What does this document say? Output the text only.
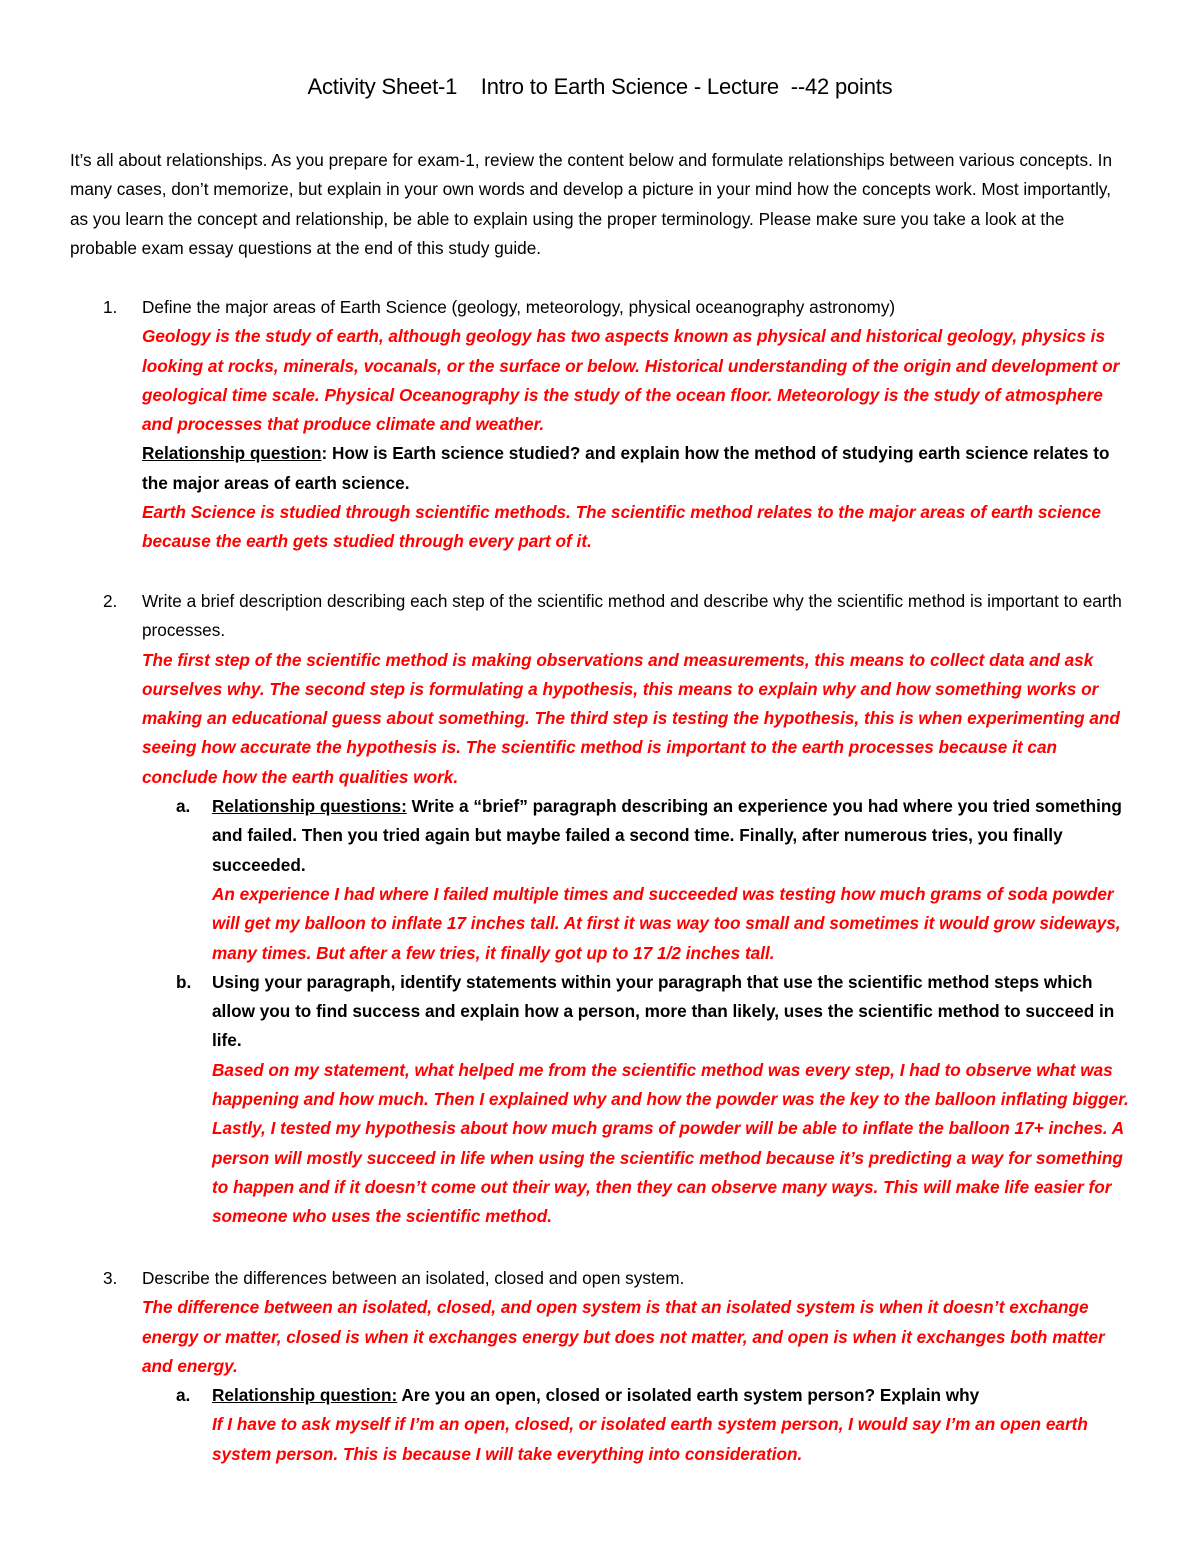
Activity Sheet-1    Intro to Earth Science - Lecture  --42 points

It’s all about relationships. As you prepare for exam-1, review the content below and formulate relationships between various concepts. In many cases, don’t memorize, but explain in your own words and develop a picture in your mind how the concepts work. Most importantly, as you learn the concept and relationship, be able to explain using the proper terminology. Please make sure you take a look at the probable exam essay questions at the end of this study guide.

1. Define the major areas of Earth Science (geology, meteorology, physical oceanography astronomy)

Geology is the study of earth, although geology has two aspects known as physical and historical geology, physics is looking at rocks, minerals, vocanals, or the surface or below. Historical understanding of the origin and development or geological time scale. Physical Oceanography is the study of the ocean floor. Meteorology is the study of atmosphere and processes that produce climate and weather.

Relationship question: How is Earth science studied? and explain how the method of studying earth science relates to the major areas of earth science.

Earth Science is studied through scientific methods. The scientific method relates to the major areas of earth science because the earth gets studied through every part of it.

2. Write a brief description describing each step of the scientific method and describe why the scientific method is important to earth processes.

The first step of the scientific method is making observations and measurements, this means to collect data and ask ourselves why. The second step is formulating a hypothesis, this means to explain why and how something works or making an educational guess about something. The third step is testing the hypothesis, this is when experimenting and seeing how accurate the hypothesis is. The scientific method is important to the earth processes because it can conclude how the earth qualities work.

a. Relationship questions: Write a “brief” paragraph describing an experience you had where you tried something and failed. Then you tried again but maybe failed a second time. Finally, after numerous tries, you finally succeeded.

An experience I had where I failed multiple times and succeeded was testing how much grams of soda powder will get my balloon to inflate 17 inches tall. At first it was way too small and sometimes it would grow sideways, many times. But after a few tries, it finally got up to 17 1/2 inches tall.

b. Using your paragraph, identify statements within your paragraph that use the scientific method steps which allow you to find success and explain how a person, more than likely, uses the scientific method to succeed in life.

Based on my statement, what helped me from the scientific method was every step, I had to observe what was happening and how much. Then I explained why and how the powder was the key to the balloon inflating bigger. Lastly, I tested my hypothesis about how much grams of powder will be able to inflate the balloon 17+ inches. A person will mostly succeed in life when using the scientific method because it’s predicting a way for something to happen and if it doesn’t come out their way, then they can observe many ways. This will make life easier for someone who uses the scientific method.

3. Describe the differences between an isolated, closed and open system.

The difference between an isolated, closed, and open system is that an isolated system is when it doesn’t exchange energy or matter, closed is when it exchanges energy but does not matter, and open is when it exchanges both matter and energy.

a. Relationship question: Are you an open, closed or isolated earth system person? Explain why

If I have to ask myself if I’m an open, closed, or isolated earth system person, I would say I’m an open earth system person. This is because I will take everything into consideration.
